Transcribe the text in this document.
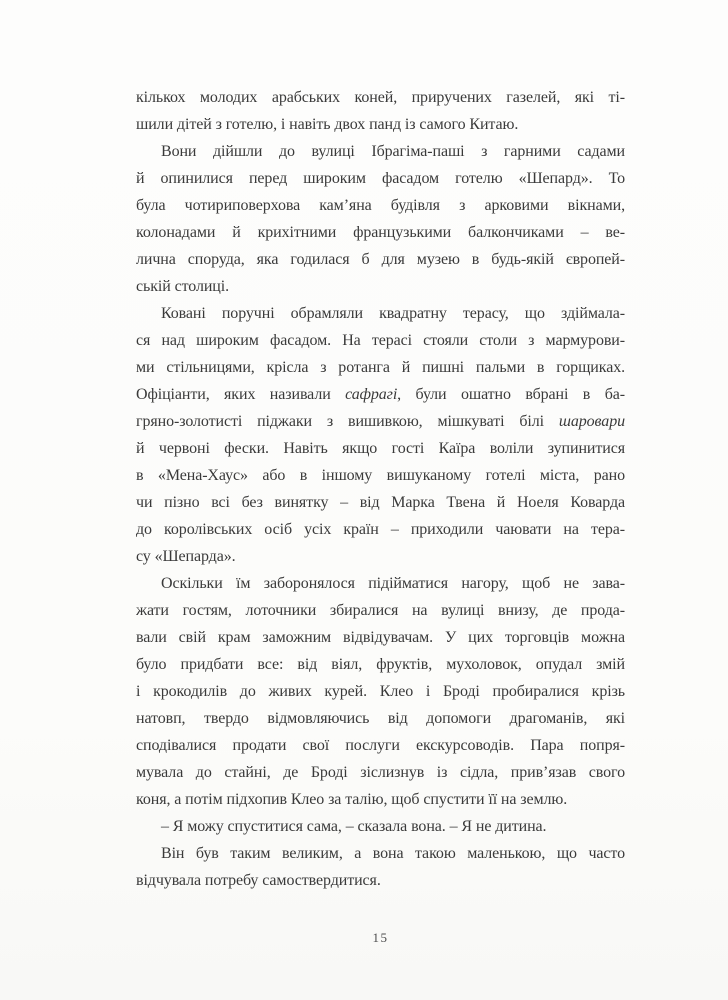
кількох молодих арабських коней, приручених газелей, які ті-
шили дітей з готелю, і навіть двох панд із самого Китаю.
Вони дійшли до вулиці Ібрагіма-паші з гарними садами
й опинилися перед широким фасадом готелю «Шепард». То
була чотириповерхова кам’яна будівля з арковими вікнами,
колонадами й крихітними французькими балкончиками – ве-
лична споруда, яка годилася б для музею в будь-якій європей-
ській столиці.
Ковані поручні обрамляли квадратну терасу, що здіймала-
ся над широким фасадом. На терасі стояли столи з мармурови-
ми стільницями, крісла з ротанга й пишні пальми в горщиках.
Офіціанти, яких називали сафрагі, були ошатно вбрані в ба-
гряно-золотисті піджаки з вишивкою, мішкуваті білі шаровари
й червоні фески. Навіть якщо гості Каїра воліли зупинитися
в «Мена-Хаус» або в іншому вишуканому готелі міста, рано
чи пізно всі без винятку – від Марка Твена й Ноеля Коварда
до королівських осіб усіх країн – приходили чаювати на тера-
су «Шепарда».
Оскільки їм заборонялося підійматися нагору, щоб не зава-
жати гостям, лоточники збиралися на вулиці внизу, де прода-
вали свій крам заможним відвідувачам. У цих торговців можна
було придбати все: від віял, фруктів, мухоловок, опудал змій
і крокодилів до живих курей. Клео і Броді пробиралися крізь
натовп, твердо відмовляючись від допомоги драгоманів, які
сподівалися продати свої послуги екскурсоводів. Пара попря-
мувала до стайні, де Броді зіслизнув із сідла, прив’язав свого
коня, а потім підхопив Клео за талію, щоб спустити її на землю.
– Я можу спуститися сама, – сказала вона. – Я не дитина.
Він був таким великим, а вона такою маленькою, що часто
відчувала потребу самоствердитися.
15
